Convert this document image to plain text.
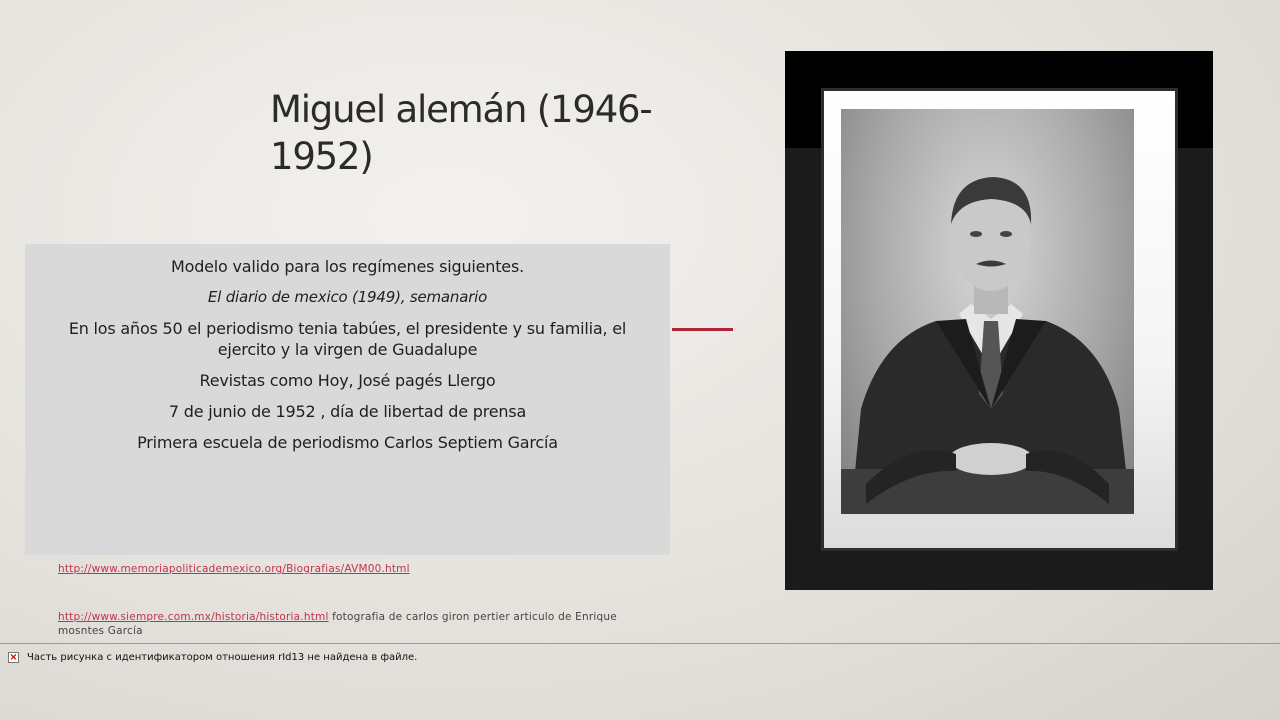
Miguel alemán (1946-1952)

Modelo valido para los regímenes siguientes.

El diario de mexico (1949), semanario

En los años 50 el periodismo tenia tabúes, el presidente y su familia, el ejercito y la virgen de Guadalupe

Revistas como Hoy, José pagés Llergo

7 de junio de 1952 , día de libertad de prensa

Primera escuela de periodismo Carlos Septiem García

http://www.memoriapoliticademexico.org/Biografias/AVM00.html
http://www.siempre.com.mx/historia/historia.html fotografia de carlos giron pertier articulo de Enrique mosntes García
× Часть рисунка с идентификатором отношения rId13 не найдена в файле.
